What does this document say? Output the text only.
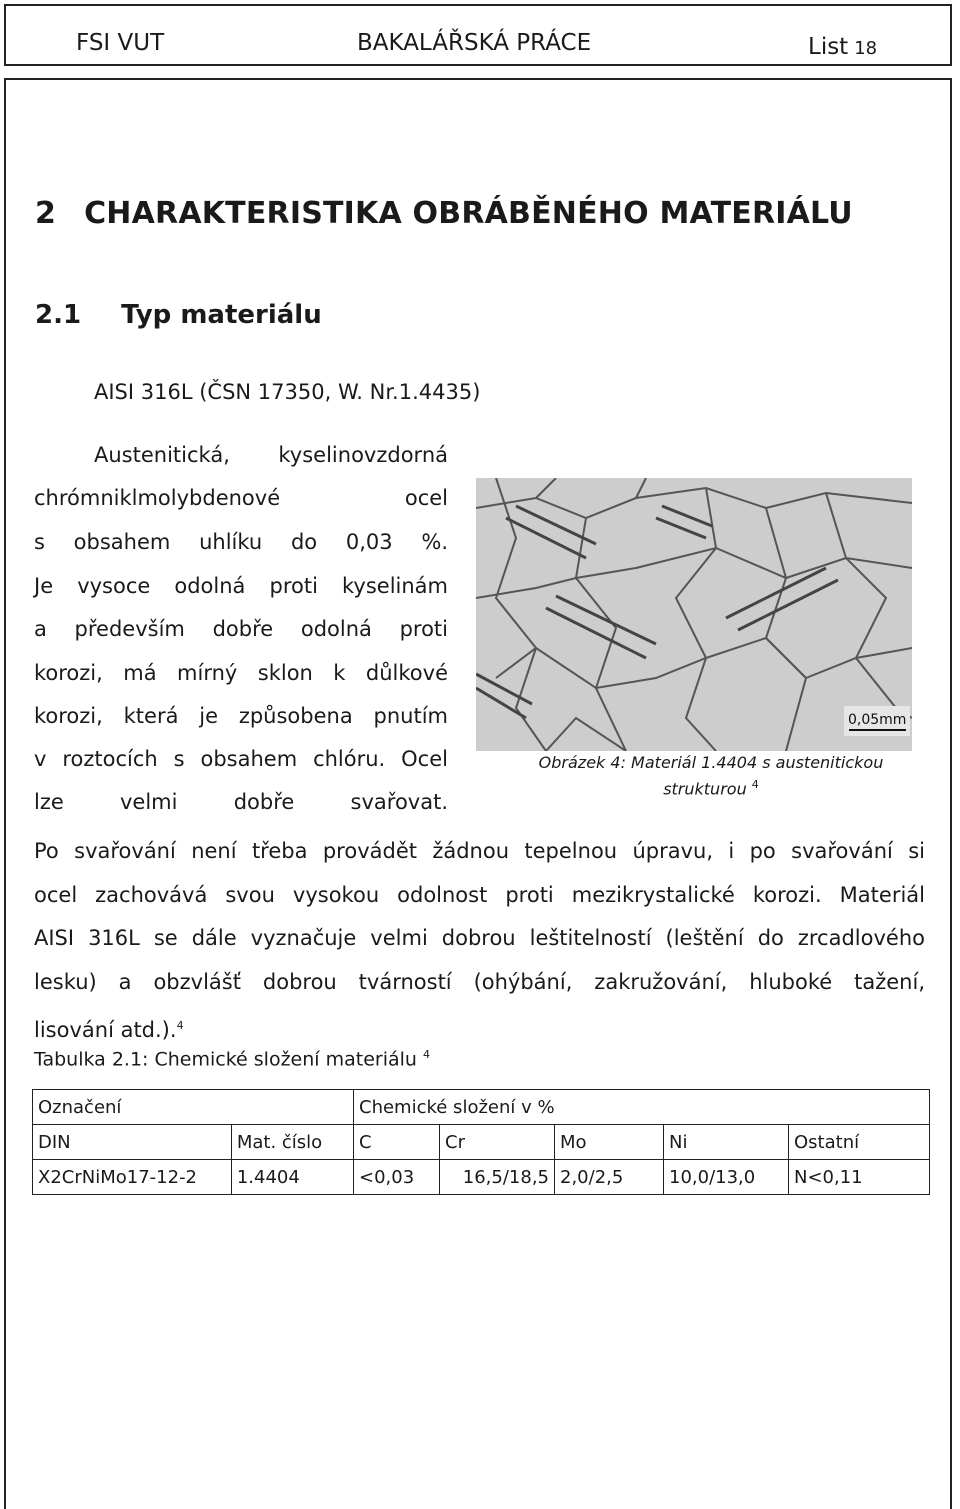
FSI VUT	BAKALÁŘSKÁ PRÁCE	List 18
2 CHARAKTERISTIKA OBRÁBĚNÉHO MATERIÁLU
2.1 Typ materiálu
AISI 316L (ČSN 17350, W. Nr.1.4435)
Austenitická, kyselinovzdorná
chrómniklmolybdenové ocel
s obsahem uhlíku do 0,03 %.
Je vysoce odolná proti kyselinám
a především dobře odolná proti
korozi, má mírný sklon k důlkové
korozi, která je způsobena pnutím
v roztocích s obsahem chlóru. Ocel
lze velmi dobře svařovat.
0,05mm
Obrázek 4: Materiál 1.4404 s austenitickou
strukturou $^4$
Po svařování není třeba provádět žádnou tepelnou úpravu, i po svařování si
ocel zachovává svou vysokou odolnost proti mezikrystalické korozi. Materiál
AISI 316L se dále vyznačuje velmi dobrou leštitelností (leštění do zrcadlového
lesku) a obzvlášť dobrou tvárností (ohýbání, zakružování, hluboké tažení,
lisování atd.).$^4$
Tabulka 2.1: Chemické složení materiálu $^4$
Označení		Chemické složení v %				
DIN	Mat. číslo	C	Cr	Mo	Ni	Ostatní
X2CrNiMo17-12-2	1.4404	<0,03	16,5/18,5	2,0/2,5	10,0/13,0	N<0,11
